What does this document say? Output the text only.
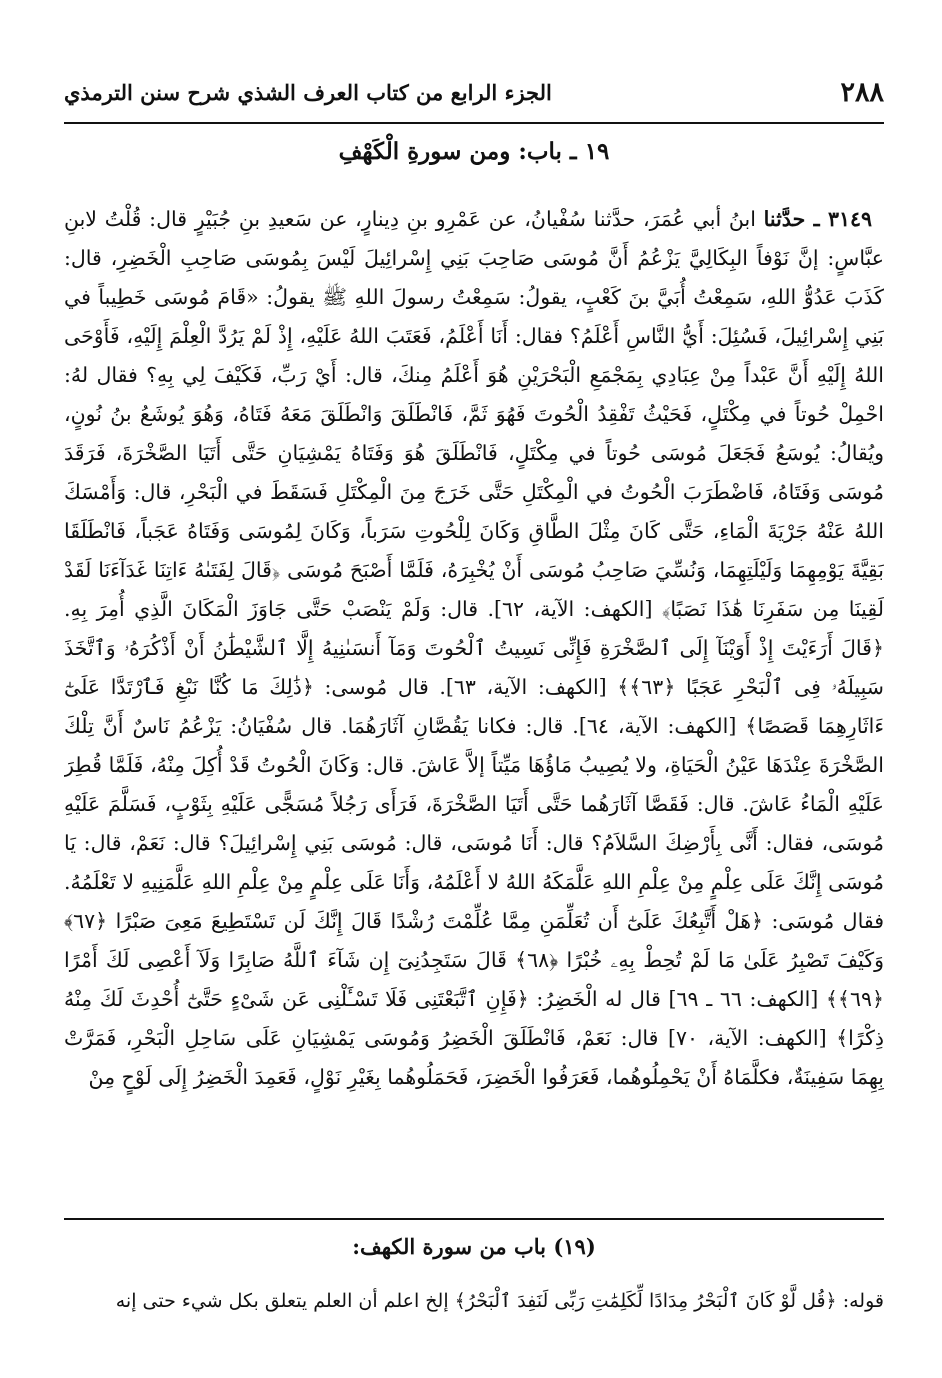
٢٨٨
الجزء الرابع من كتاب العرف الشذي شرح سنن الترمذي
١٩ ـ باب: ومن سورةِ الْكَهْفِ

٣١٤٩ ـ حدَّثنا ابنُ أبي عُمَرَ، حدَّثنا سُفْيانُ، عن عَمْرِو بنِ دِينارٍ، عن سَعيدِ بنِ جُبَيْرٍ قال: قُلْتُ لابنِ عبَّاسٍ: إنَّ نَوْفاً البِكَالِيَّ يَزْعُمُ أَنَّ مُوسَى صَاحِبَ بَنِي إِسْرائِيلَ لَيْسَ بِمُوسَى صَاحِبِ الْخَضِرِ، قال: كَذَبَ عَدُوُّ اللهِ، سَمِعْتُ أُبَيَّ بنَ كَعْبٍ، يقولُ: سَمِعْتُ رسولَ اللهِ ﷺ يقولُ: «قَامَ مُوسَى خَطِيباً في بَنِي إِسْرائِيلَ، فَسُئِلَ: أَيُّ النَّاسِ أَعْلَمُ؟ فقال: أَنَا أَعْلَمُ، فَعَتَبَ اللهُ عَلَيْهِ، إِذْ لَمْ يَرُدَّ الْعِلْمَ إِلَيْهِ، فَأَوْحَى اللهُ إِلَيْهِ أَنَّ عَبْداً مِنْ عِبَادِي بِمَجْمَعِ الْبَحْرَيْنِ هُوَ أَعْلَمُ مِنكَ، قال: أَيْ رَبِّ، فَكَيْفَ لِي بِهِ؟ فقال لهُ: احْمِلْ حُوتاً في مِكْتَلٍ، فَحَيْثُ تَفْقِدُ الْحُوتَ فَهُوَ ثَمَّ، فَانْطَلَقَ وَانْطَلَقَ مَعَهُ فَتَاهُ، وَهُوَ يُوشَعُ بنُ نُونٍ، ويُقالُ: يُوسَعُ فَجَعَلَ مُوسَى حُوتاً في مِكْتَلٍ، فَانْطَلَقَ هُوَ وَفَتَاهُ يَمْشِيَانِ حَتَّى أَتَيَا الصَّخْرَةَ، فَرَقَدَ مُوسَى وَفَتَاهُ، فَاضْطَرَبَ الْحُوتُ في الْمِكْتَلِ حَتَّى خَرَجَ مِنَ الْمِكْتَلِ فَسَقَطَ في الْبَحْرِ، قال: وَأَمْسَكَ اللهُ عَنْهُ جَرْيَةَ الْمَاءِ، حَتَّى كَانَ مِثْلَ الطَّاقِ وَكَانَ لِلْحُوتِ سَرَباً، وَكَانَ لِمُوسَى وَفَتَاهُ عَجَباً، فَانْطَلَقَا بَقِيَّةَ يَوْمِهِمَا وَلَيْلَتِهِمَا، وَنُسِّيَ صَاحِبُ مُوسَى أَنْ يُخْبِرَهُ، فَلَمَّا أَصْبَحَ مُوسَى ﴿قَالَ لِفَتَىٰهُ ءَاتِنَا غَدَآءَنَا لَقَدْ لَقِينَا مِن سَفَرِنَا هَٰذَا نَصَبًا﴾ [الكهف: الآية، ٦٢]. قال: وَلَمْ يَنْصَبْ حَتَّى جَاوَزَ الْمَكَانَ الَّذِي أُمِرَ بِهِ. ﴿قَالَ أَرَءَيْتَ إِذْ أَوَيْنَآ إِلَى ٱلصَّخْرَةِ فَإِنِّى نَسِيتُ ٱلْحُوتَ وَمَآ أَنسَىٰنِيهُ إِلَّا ٱلشَّيْطَٰنُ أَنْ أَذْكُرَهُۥ وَٱتَّخَذَ سَبِيلَهُۥ فِى ٱلْبَحْرِ عَجَبًا ﴿٦٣﴾﴾ [الكهف: الآية، ٦٣]. قال مُوسى: ﴿ذَٰلِكَ مَا كُنَّا نَبْغِ فَٱرْتَدَّا عَلَىٰٓ ءَاثَارِهِمَا قَصَصًا﴾ [الكهف: الآية، ٦٤]. قال: فكانا يَقُصَّانِ آثَارَهُمَا. قال سُفْيَانُ: يَزْعُمُ نَاسٌ أَنَّ تِلْكَ الصَّخْرَةَ عِنْدَهَا عَيْنُ الْحَيَاةِ، ولا يُصِيبُ مَاؤُهَا مَيِّتاً إلاَّ عَاشَ. قال: وَكَانَ الْحُوتُ قَدْ أُكِلَ مِنْهُ، فَلَمَّا قُطِرَ عَلَيْهِ الْمَاءُ عَاشَ. قال: فَقَصَّا آثَارَهُما حَتَّى أَتَيَا الصَّخْرَةَ، فَرَأَى رَجُلاً مُسَجًّى عَلَيْهِ بِثَوْبٍ، فَسَلَّمَ عَلَيْهِ مُوسَى، فقال: أَنَّى بِأَرْضِكَ السَّلاَمُ؟ قال: أَنَا مُوسَى، قال: مُوسَى بَنِي إِسْرائِيلَ؟ قال: نَعَمْ، قال: يَا مُوسَى إِنَّكَ عَلَى عِلْمٍ مِنْ عِلْمِ اللهِ عَلَّمَكَهُ اللهُ لا أَعْلَمُهُ، وَأَنَا عَلَى عِلْمٍ مِنْ عِلْمِ اللهِ عَلَّمَنِيهِ لا تَعْلَمُهُ. فقال مُوسَى: ﴿هَلْ أَتَّبِعُكَ عَلَىٰٓ أَن تُعَلِّمَنِ مِمَّا عُلِّمْتَ رُشْدًا قَالَ إِنَّكَ لَن تَسْتَطِيعَ مَعِىَ صَبْرًا ﴿٦٧﴾ وَكَيْفَ تَصْبِرُ عَلَىٰ مَا لَمْ تُحِطْ بِهِۦ خُبْرًا ﴿٦٨﴾ قَالَ سَتَجِدُنِىٓ إِن شَآءَ ٱللَّهُ صَابِرًا وَلَآ أَعْصِى لَكَ أَمْرًا ﴿٦٩﴾﴾ [الكهف: ٦٦ ـ ٦٩] قال له الْخَضِرُ: ﴿فَإِنِ ٱتَّبَعْتَنِى فَلَا تَسْـَٔلْنِى عَن شَىْءٍ حَتَّىٰٓ أُحْدِثَ لَكَ مِنْهُ ذِكْرًا﴾ [الكهف: الآية، ٧٠] قال: نَعَمْ، فَانْطَلَقَ الْخَضِرُ وَمُوسَى يَمْشِيَانِ عَلَى سَاحِلِ الْبَحْرِ، فَمَرَّتْ بِهِمَا سَفِينَةٌ، فكلَّمَاهُ أَنْ يَحْمِلُوهُما، فَعَرَفُوا الْخَضِرَ، فَحَمَلُوهُما بِغَيْرِ نَوْلٍ، فَعَمِدَ الْخَضِرُ إِلَى لَوْحٍ مِنْ

(١٩) باب من سورة الكهف:

قوله: ﴿قُل لَّوْ كَانَ ٱلْبَحْرُ مِدَادًا لِّكَلِمَٰتِ رَبِّى لَنَفِدَ ٱلْبَحْرُ﴾ إلخ اعلم أن العلم يتعلق بكل شيء حتى إنه
